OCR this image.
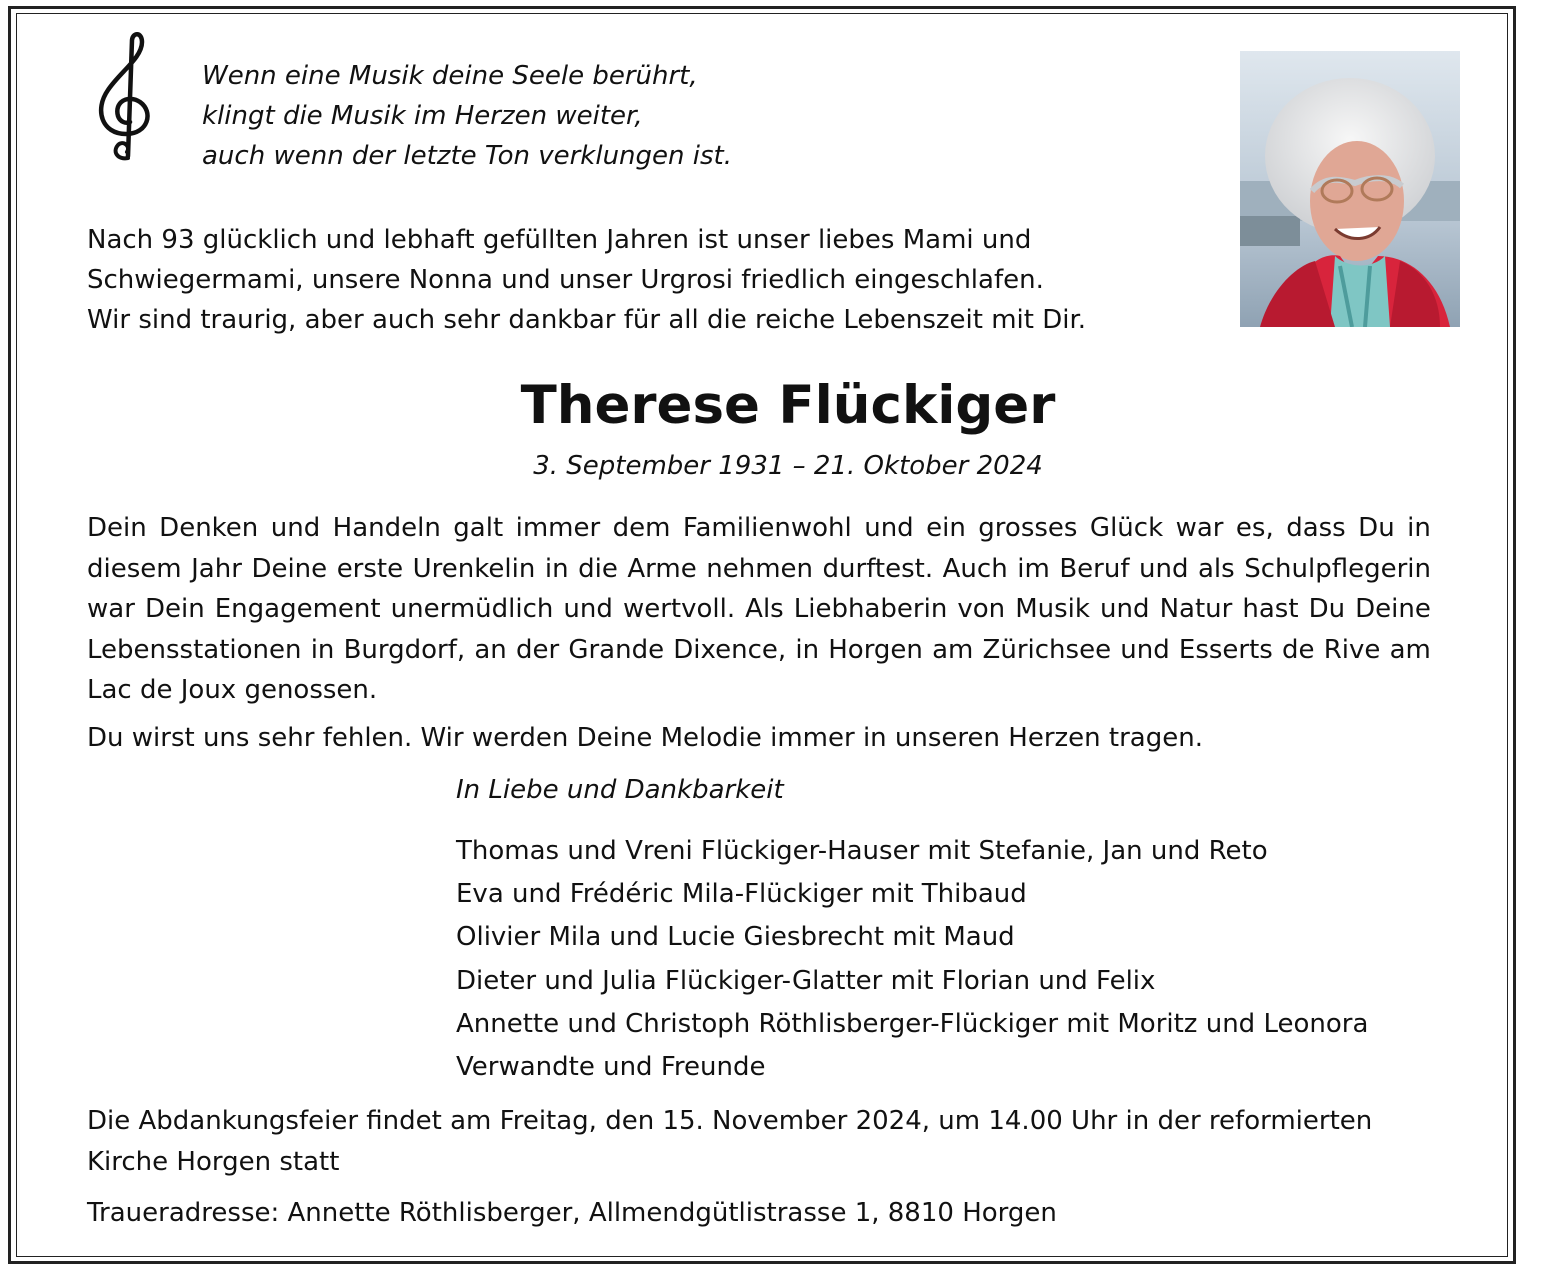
Wenn eine Musik deine Seele berührt,
klingt die Musik im Herzen weiter,
auch wenn der letzte Ton verklungen ist.
Nach 93 glücklich und lebhaft gefüllten Jahren ist unser liebes Mami und
Schwiegermami, unsere Nonna und unser Urgrosi friedlich eingeschlafen.
Wir sind traurig, aber auch sehr dankbar für all die reiche Lebenszeit mit Dir.
Therese Flückiger
3. September 1931 – 21. Oktober 2024
Dein Denken und Handeln galt immer dem Familienwohl und ein grosses Glück war es, dass Du in
diesem Jahr Deine erste Urenkelin in die Arme nehmen durftest. Auch im Beruf und als Schulpflegerin
war Dein Engagement unermüdlich und wertvoll. Als Liebhaberin von Musik und Natur hast Du Deine
Lebensstationen in Burgdorf, an der Grande Dixence, in Horgen am Zürichsee und Esserts de Rive am
Lac de Joux genossen.
Du wirst uns sehr fehlen. Wir werden Deine Melodie immer in unseren Herzen tragen.
In Liebe und Dankbarkeit
Thomas und Vreni Flückiger-Hauser mit Stefanie, Jan und Reto
Eva und Frédéric Mila-Flückiger mit Thibaud
Olivier Mila und Lucie Giesbrecht mit Maud
Dieter und Julia Flückiger-Glatter mit Florian und Felix
Annette und Christoph Röthlisberger-Flückiger mit Moritz und Leonora
Verwandte und Freunde
Die Abdankungsfeier findet am Freitag, den 15. November 2024, um 14.00 Uhr in der reformierten
Kirche Horgen statt
Traueradresse: Annette Röthlisberger, Allmendgütlistrasse 1, 8810 Horgen
